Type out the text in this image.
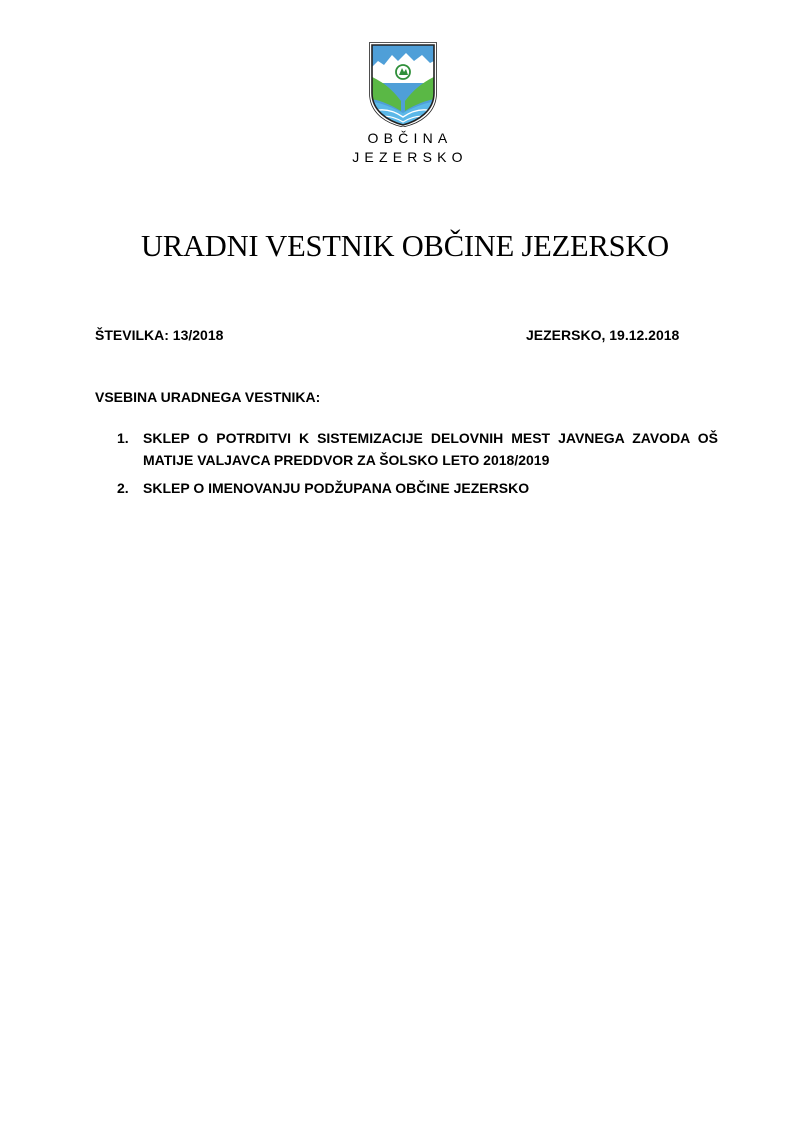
OBČINA
JEZERSKO
URADNI VESTNIK OBČINE JEZERSKO
ŠTEVILKA: 13/2018	JEZERSKO, 19.12.2018
VSEBINA URADNEGA VESTNIKA:
1. SKLEP O POTRDITVI K SISTEMIZACIJE DELOVNIH MEST JAVNEGA ZAVODA OŠ MATIJE VALJAVCA PREDDVOR ZA ŠOLSKO LETO 2018/2019
2. SKLEP O IMENOVANJU PODŽUPANA OBČINE JEZERSKO
